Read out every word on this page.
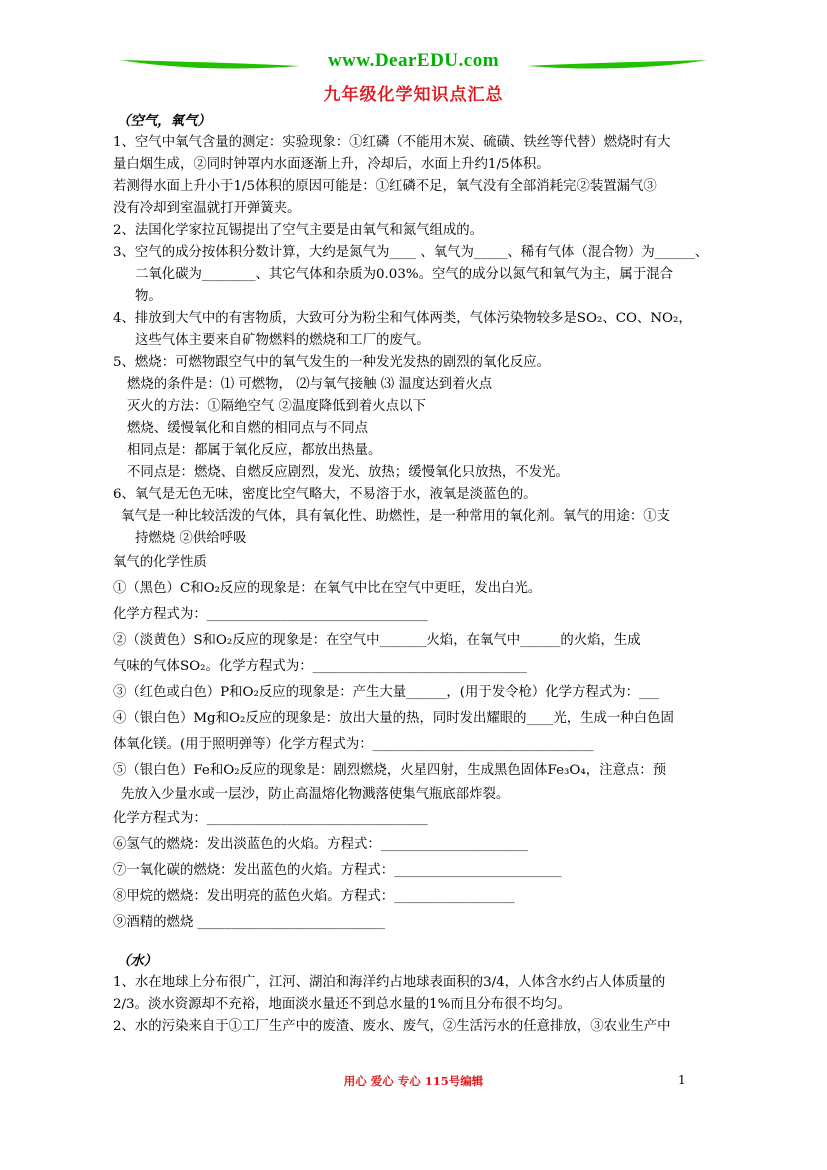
www.DearEDU.com
九年级化学知识点汇总
（空气，氧气）
1、空气中氧气含量的测定：实验现象：①红磷（不能用木炭、硫磺、铁丝等代替）燃烧时有大
量白烟生成，②同时钟罩内水面逐渐上升，冷却后，水面上升约1/5体积。
若测得水面上升小于1/5体积的原因可能是：①红磷不足，氧气没有全部消耗完②装置漏气③
没有冷却到室温就打开弹簧夹。
2、法国化学家拉瓦锡提出了空气主要是由氧气和氮气组成的。
3、空气的成分按体积分数计算，大约是氮气为____ 、氧气为_____、稀有气体（混合物）为______、
二氧化碳为________、其它气体和杂质为0.03%。空气的成分以氮气和氧气为主，属于混合
物。
4、排放到大气中的有害物质，大致可分为粉尘和气体两类，气体污染物较多是SO₂、CO、NO₂，
这些气体主要来自矿物燃料的燃烧和工厂的废气。
5、燃烧：可燃物跟空气中的氧气发生的一种发光发热的剧烈的氧化反应。
燃烧的条件是：⑴ 可燃物， ⑵与氧气接触 ⑶ 温度达到着火点
灭火的方法：①隔绝空气 ②温度降低到着火点以下
燃烧、缓慢氧化和自燃的相同点与不同点
相同点是：都属于氧化反应，都放出热量。
不同点是：燃烧、自燃反应剧烈，发光、放热；缓慢氧化只放热，不发光。
6、氧气是无色无味，密度比空气略大，不易溶于水，液氧是淡蓝色的。
氧气是一种比较活泼的气体，具有氧化性、助燃性，是一种常用的氧化剂。氧气的用途：①支
持燃烧 ②供给呼吸
氧气的化学性质
①（黑色）C和O₂反应的现象是：在氧气中比在空气中更旺，发出白光。
化学方程式为：_________________________________
②（淡黄色）S和O₂反应的现象是：在空气中_______火焰，在氧气中______的火焰，生成
气味的气体SO₂。化学方程式为：________________________________
③（红色或白色）P和O₂反应的现象是：产生大量______，(用于发令枪）化学方程式为：___
④（银白色）Mg和O₂反应的现象是：放出大量的热，同时发出耀眼的____光，生成一种白色固
体氧化镁。(用于照明弹等）化学方程式为：_________________________________
⑤（银白色）Fe和O₂反应的现象是：剧烈燃烧，火星四射，生成黑色固体Fe₃O₄，注意点：预
先放入少量水或一层沙，防止高温熔化物溅落使集气瓶底部炸裂。
化学方程式为：_________________________________
⑥氢气的燃烧：发出淡蓝色的火焰。方程式：______________________
⑦一氧化碳的燃烧：发出蓝色的火焰。方程式：_________________________
⑧甲烷的燃烧：发出明亮的蓝色火焰。方程式：__________________
⑨酒精的燃烧 ____________________________
（水）
1、水在地球上分布很广，江河、湖泊和海洋约占地球表面积的3/4，人体含水约占人体质量的
2/3。淡水资源却不充裕，地面淡水量还不到总水量的1%而且分布很不均匀。
2、水的污染来自于①工厂生产中的废渣、废水、废气，②生活污水的任意排放，③农业生产中
用心 爱心 专心 115号编辑	1
